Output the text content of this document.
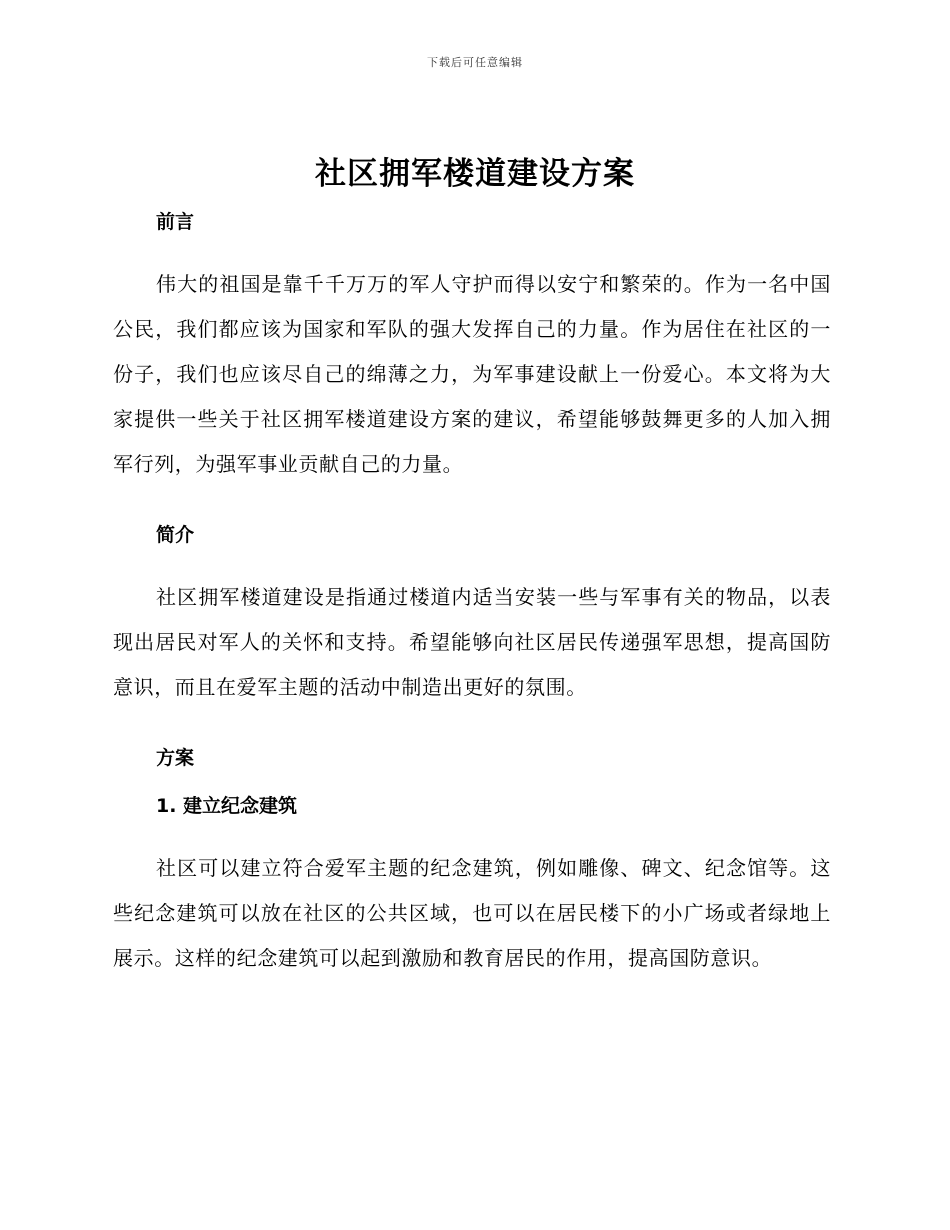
下载后可任意编辑
社区拥军楼道建设方案
前言

伟大的祖国是靠千千万万的军人守护而得以安宁和繁荣的。作为一名中国公民，我们都应该为国家和军队的强大发挥自己的力量。作为居住在社区的一份子，我们也应该尽自己的绵薄之力，为军事建设献上一份爱心。本文将为大家提供一些关于社区拥军楼道建设方案的建议，希望能够鼓舞更多的人加入拥军行列，为强军事业贡献自己的力量。

简介

社区拥军楼道建设是指通过楼道内适当安装一些与军事有关的物品，以表现出居民对军人的关怀和支持。希望能够向社区居民传递强军思想，提高国防意识，而且在爱军主题的活动中制造出更好的氛围。

方案
1. 建立纪念建筑

社区可以建立符合爱军主题的纪念建筑，例如雕像、碑文、纪念馆等。这些纪念建筑可以放在社区的公共区域，也可以在居民楼下的小广场或者绿地上展示。这样的纪念建筑可以起到激励和教育居民的作用，提高国防意识。
